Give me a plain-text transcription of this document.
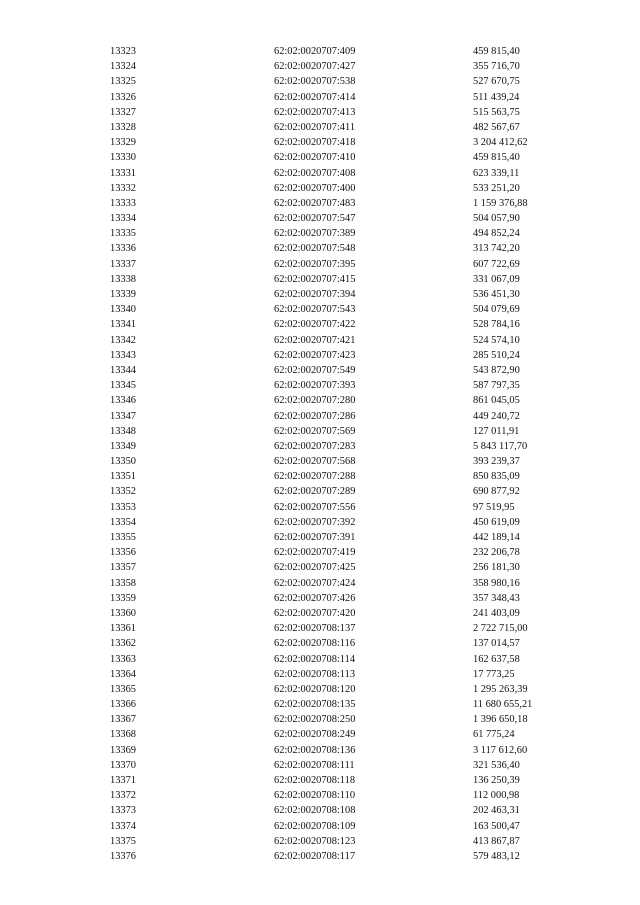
13323	62:02:0020707:409	459 815,40
13324	62:02:0020707:427	355 716,70
13325	62:02:0020707:538	527 670,75
13326	62:02:0020707:414	511 439,24
13327	62:02:0020707:413	515 563,75
13328	62:02:0020707:411	482 567,67
13329	62:02:0020707:418	3 204 412,62
13330	62:02:0020707:410	459 815,40
13331	62:02:0020707:408	623 339,11
13332	62:02:0020707:400	533 251,20
13333	62:02:0020707:483	1 159 376,88
13334	62:02:0020707:547	504 057,90
13335	62:02:0020707:389	494 852,24
13336	62:02:0020707:548	313 742,20
13337	62:02:0020707:395	607 722,69
13338	62:02:0020707:415	331 067,09
13339	62:02:0020707:394	536 451,30
13340	62:02:0020707:543	504 079,69
13341	62:02:0020707:422	528 784,16
13342	62:02:0020707:421	524 574,10
13343	62:02:0020707:423	285 510,24
13344	62:02:0020707:549	543 872,90
13345	62:02:0020707:393	587 797,35
13346	62:02:0020707:280	861 045,05
13347	62:02:0020707:286	449 240,72
13348	62:02:0020707:569	127 011,91
13349	62:02:0020707:283	5 843 117,70
13350	62:02:0020707:568	393 239,37
13351	62:02:0020707:288	850 835,09
13352	62:02:0020707:289	690 877,92
13353	62:02:0020707:556	97 519,95
13354	62:02:0020707:392	450 619,09
13355	62:02:0020707:391	442 189,14
13356	62:02:0020707:419	232 206,78
13357	62:02:0020707:425	256 181,30
13358	62:02:0020707:424	358 980,16
13359	62:02:0020707:426	357 348,43
13360	62:02:0020707:420	241 403,09
13361	62:02:0020708:137	2 722 715,00
13362	62:02:0020708:116	137 014,57
13363	62:02:0020708:114	162 637,58
13364	62:02:0020708:113	17 773,25
13365	62:02:0020708:120	1 295 263,39
13366	62:02:0020708:135	11 680 655,21
13367	62:02:0020708:250	1 396 650,18
13368	62:02:0020708:249	61 775,24
13369	62:02:0020708:136	3 117 612,60
13370	62:02:0020708:111	321 536,40
13371	62:02:0020708:118	136 250,39
13372	62:02:0020708:110	112 000,98
13373	62:02:0020708:108	202 463,31
13374	62:02:0020708:109	163 500,47
13375	62:02:0020708:123	413 867,87
13376	62:02:0020708:117	579 483,12
